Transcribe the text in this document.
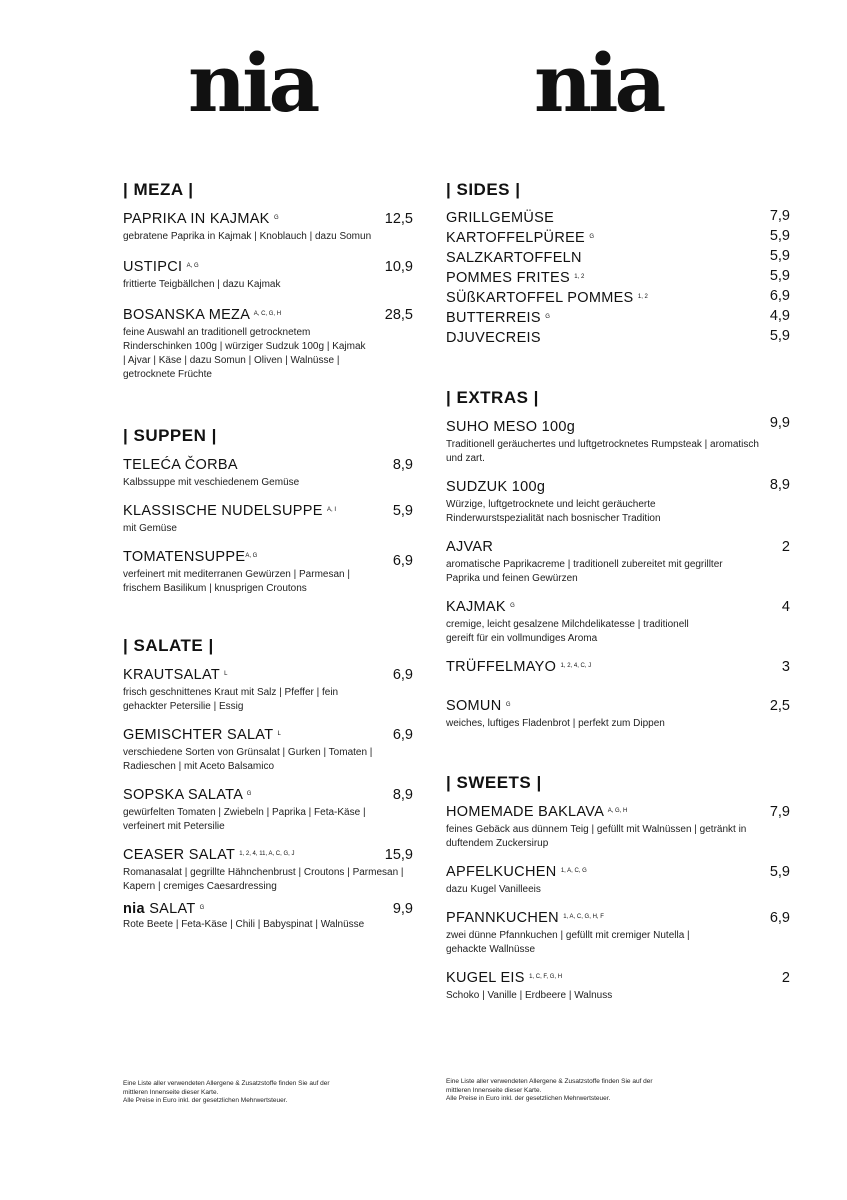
nia	nia
| MEZA |
PAPRIKA IN KAJMAK $^G$	12,5
gebratene Paprika in Kajmak | Knoblauch | dazu Somun
USTIPCI $^{A, G}$	10,9
frittierte Teigbällchen | dazu Kajmak
BOSANSKA MEZA $^{A, C, G, H}$	28,5
feine Auswahl an traditionell getrocknetem Rinderschinken 100g | würziger Sudzuk 100g | Kajmak | Ajvar | Käse | dazu Somun | Oliven | Walnüsse | getrocknete Früchte
| SUPPEN |
TELEĆA ČORBA	8,9
Kalbssuppe mit veschiedenem Gemüse
KLASSISCHE NUDELSUPPE $^{A, I}$	5,9
mit Gemüse
$TOMATENSUPPE^{A, G}$	6,9
verfeinert mit mediterranen Gewürzen | Parmesan | frischem Basilikum | knusprigen Croutons
| SALATE |
KRAUTSALAT $^L$	6,9
frisch geschnittenes Kraut mit Salz | Pfeffer | fein gehackter Petersilie | Essig
GEMISCHTER SALAT $^L$	6,9
verschiedene Sorten von Grünsalat | Gurken | Tomaten | Radieschen | mit Aceto Balsamico
SOPSKA SALATA $^G$	8,9
gewürfelten Tomaten | Zwiebeln | Paprika | Feta-Käse | verfeinert mit Petersilie
CEASER SALAT $^{1, 2, 4, 11, A, C, G, J}$	15,9
Romanasalat | gegrillte Hähnchenbrust | Croutons | Parmesan | Kapern | cremiges Caesardressing
nia SALAT $^G$	9,9
Rote Beete | Feta-Käse | Chili | Babyspinat | Walnüsse
| SIDES |
GRILLGEMÜSE	7,9
KARTOFFELPÜREE $^G$	5,9
SALZKARTOFFELN	5,9
POMMES FRITES $^{1, 2}$	5,9
SÜßKARTOFFEL POMMES $^{1, 2}$	6,9
BUTTERREIS $^G$	4,9
DJUVECREIS	5,9
| EXTRAS |
SUHO MESO 100g	9,9
Traditionell geräuchertes und luftgetrocknetes Rumpsteak | aromatisch und zart.
SUDZUK 100g	8,9
Würzige, luftgetrocknete und leicht geräucherte Rinderwurstspezialität nach bosnischer Tradition
AJVAR	2
aromatische Paprikacreme | traditionell zubereitet mit gegrillter Paprika und feinen Gewürzen
KAJMAK $^G$	4
cremige, leicht gesalzene Milchdelikatesse | traditionell gereift für ein vollmundiges Aroma
TRÜFFELMAYO $^{1, 2, 4, C, J}$	3
SOMUN $^G$	2,5
weiches, luftiges Fladenbrot | perfekt zum Dippen
| SWEETS |
HOMEMADE BAKLAVA $^{A, G, H}$	7,9
feines Gebäck aus dünnem Teig | gefüllt mit Walnüssen | getränkt in duftendem Zuckersirup
APFELKUCHEN $^{1, A, C, G}$	5,9
dazu Kugel Vanilleeis
PFANNKUCHEN $^{1, A, C, G, H, F}$	6,9
zwei dünne Pfannkuchen | gefüllt mit cremiger Nutella | gehackte Wallnüsse
KUGEL EIS $^{1, C, F, G, H}$	2
Schoko | Vanille | Erdbeere | Walnuss
Eine Liste aller verwendeten Allergene & Zusatzstoffe finden Sie auf der
mittleren Innenseite dieser Karte.
Alle Preise in Euro inkl. der gesetzlichen Mehrwertsteuer.
Eine Liste aller verwendeten Allergene & Zusatzstoffe finden Sie auf der
mittleren Innenseite dieser Karte.
Alle Preise in Euro inkl. der gesetzlichen Mehrwertsteuer.
